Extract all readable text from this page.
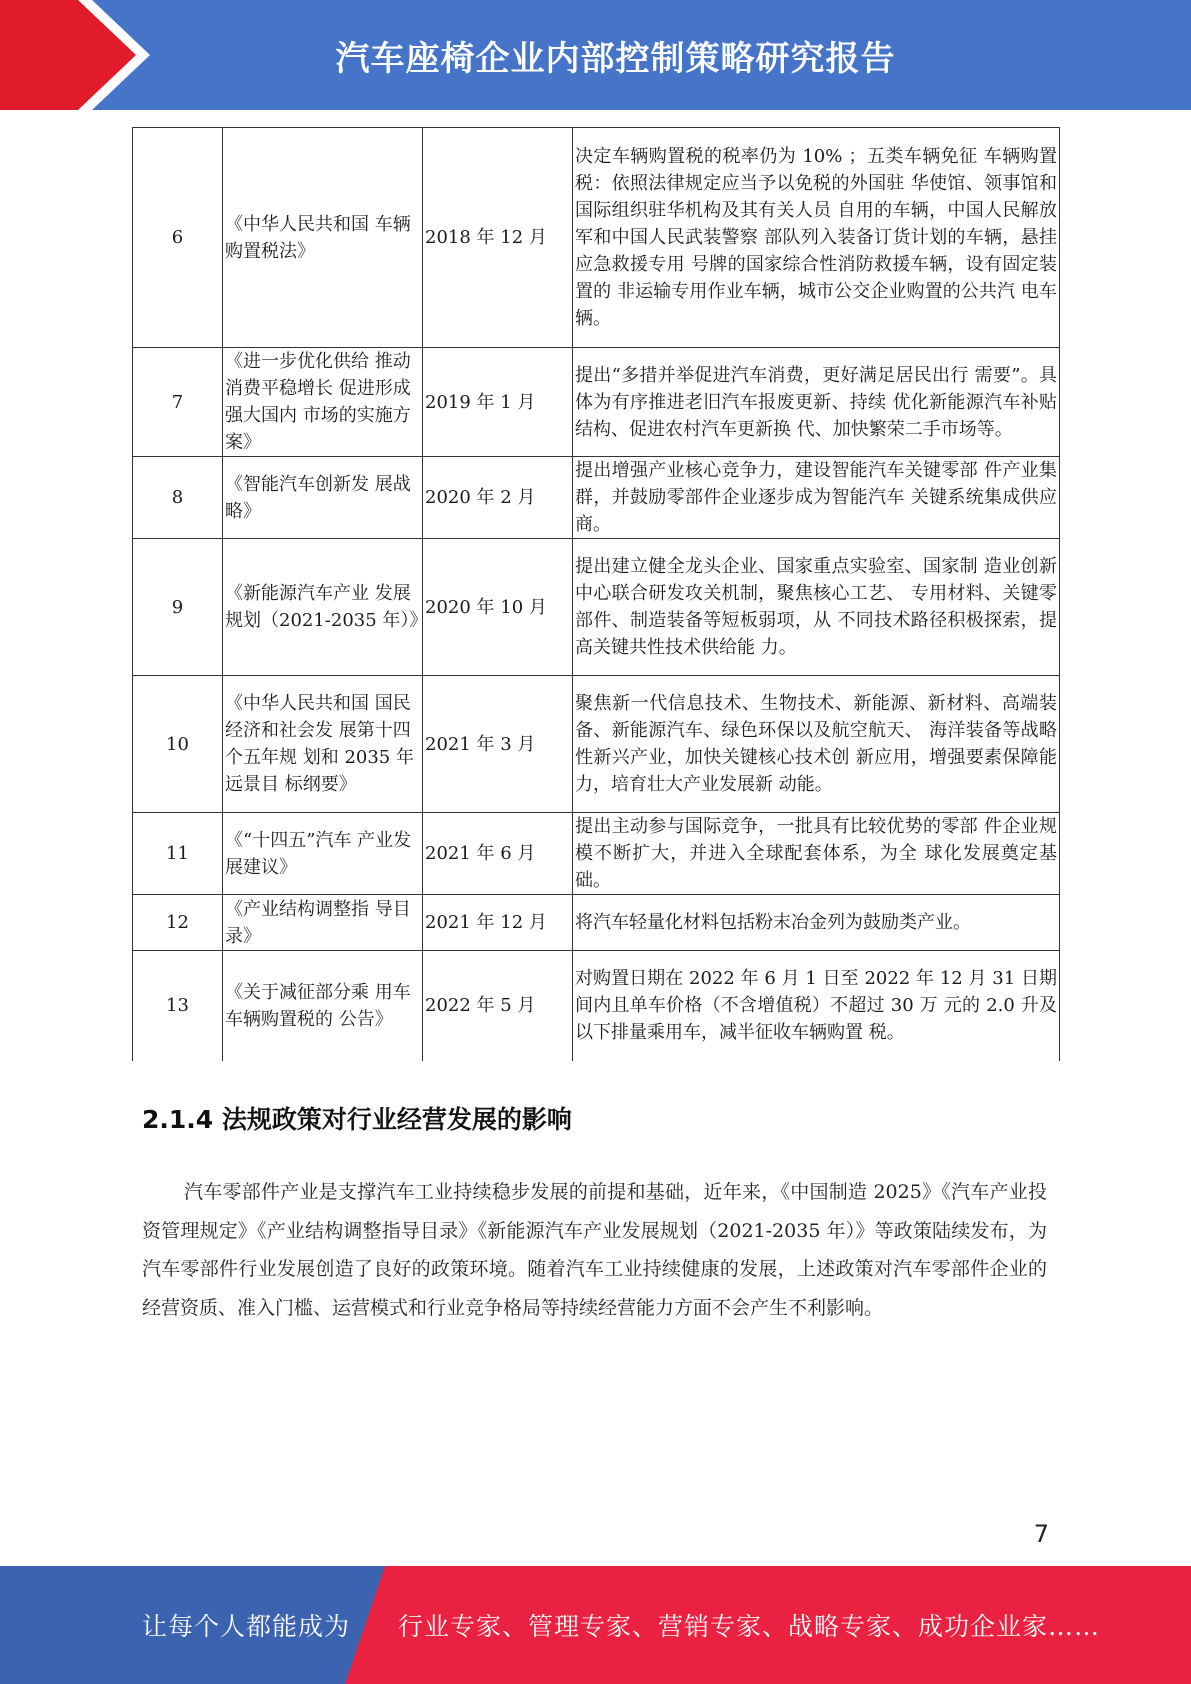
汽车座椅企业内部控制策略研究报告
6	《中华人民共和国 车辆购置税法》	2018 年 12 月	决定车辆购置税的税率仍为 10% ；五类车辆免征 车辆购置税：依照法律规定应当予以免税的外国驻 华使馆、领事馆和国际组织驻华机构及其有关人员 自用的车辆，中国人民解放军和中国人民武装警察 部队列入装备订货计划的车辆，悬挂应急救援专用 号牌的国家综合性消防救援车辆，设有固定装置的 非运输专用作业车辆，城市公交企业购置的公共汽 电车辆。
7	《进一步优化供给 推动消费平稳增长 促进形成强大国内 市场的实施方案》	2019 年 1 月	提出“多措并举促进汽车消费，更好满足居民出行 需要”。具体为有序推进老旧汽车报废更新、持续 优化新能源汽车补贴结构、促进农村汽车更新换 代、加快繁荣二手市场等。
8	《智能汽车创新发 展战略》	2020 年 2 月	提出增强产业核心竞争力，建设智能汽车关键零部 件产业集群，并鼓励零部件企业逐步成为智能汽车 关键系统集成供应商。
9	《新能源汽车产业 发展规划（2021-2035 年）》	2020 年 10 月	提出建立健全龙头企业、国家重点实验室、国家制 造业创新中心联合研发攻关机制，聚焦核心工艺、 专用材料、关键零部件、制造装备等短板弱项，从 不同技术路径积极探索，提高关键共性技术供给能 力。
10	《中华人民共和国 国民经济和社会发 展第十四个五年规 划和 2035 年远景目 标纲要》	2021 年 3 月	聚焦新一代信息技术、生物技术、新能源、新材料、高端装备、新能源汽车、绿色环保以及航空航天、 海洋装备等战略性新兴产业，加快关键核心技术创 新应用，增强要素保障能力，培育壮大产业发展新 动能。
11	《“十四五”汽车 产业发展建议》	2021 年 6 月	提出主动参与国际竞争，一批具有比较优势的零部 件企业规模不断扩大，并进入全球配套体系，为全 球化发展奠定基础。
12	《产业结构调整指 导目录》	2021 年 12 月	将汽车轻量化材料包括粉末冶金列为鼓励类产业。
13	《关于减征部分乘 用车车辆购置税的 公告》	2022 年 5 月	对购置日期在 2022 年 6 月 1 日至 2022 年 12 月 31 日期间内且单车价格（不含增值税）不超过 30 万 元的 2.0 升及以下排量乘用车，减半征收车辆购置 税。
2.1.4 法规政策对行业经营发展的影响

汽车零部件产业是支撑汽车工业持续稳步发展的前提和基础，近年来，《中国制造 2025》《汽车产业投资管理规定》《产业结构调整指导目录》《新能源汽车产业发展规划（2021-2035 年）》等政策陆续发布，为汽车零部件行业发展创造了良好的政策环境。随着汽车工业持续健康的发展，上述政策对汽车零部件企业的经营资质、准入门槛、运营模式和行业竞争格局等持续经营能力方面不会产生不利影响。

7
让每个人都能成为 行业专家、管理专家、营销专家、战略专家、成功企业家……
